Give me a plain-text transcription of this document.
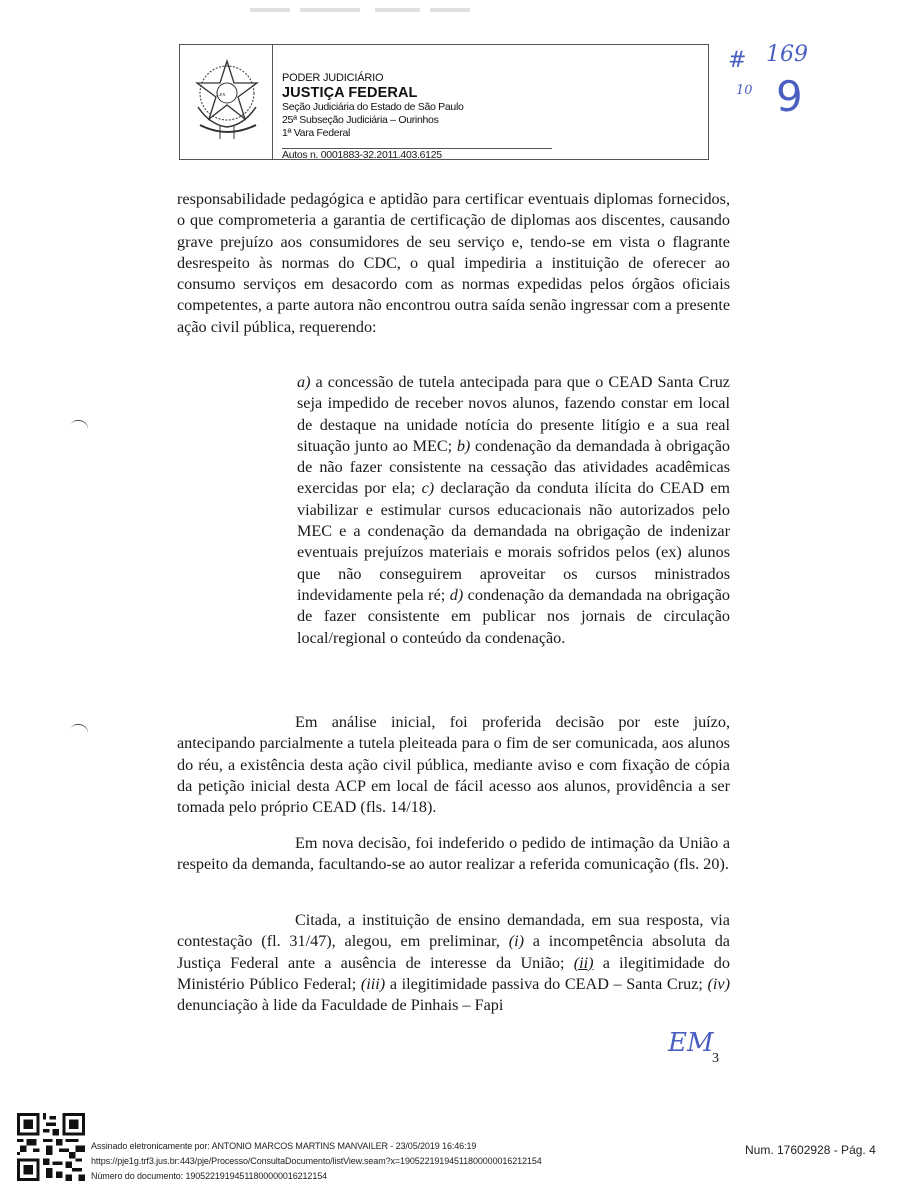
Lex
PODER JUDICIÁRIO
JUSTIÇA FEDERAL
Seção Judiciária do Estado de São Paulo
25ª Subseção Judiciária – Ourinhos
1ª Vara Federal
Autos n. 0001883-32.2011.403.6125
# 169
10 9
responsabilidade pedagógica e aptidão para certificar eventuais diplomas fornecidos, o que comprometeria a garantia de certificação de diplomas aos discentes, causando grave prejuízo aos consumidores de seu serviço e, tendo-se em vista o flagrante desrespeito às normas do CDC, o qual impediria a instituição de oferecer ao consumo serviços em desacordo com as normas expedidas pelos órgãos oficiais competentes, a parte autora não encontrou outra saída senão ingressar com a presente ação civil pública, requerendo:
a) a concessão de tutela antecipada para que o CEAD Santa Cruz seja impedido de receber novos alunos, fazendo constar em local de destaque na unidade notícia do presente litígio e a sua real situação junto ao MEC; b) condenação da demandada à obrigação de não fazer consistente na cessação das atividades acadêmicas exercidas por ela; c) declaração da conduta ilícita do CEAD em viabilizar e estimular cursos educacionais não autorizados pelo MEC e a condenação da demandada na obrigação de indenizar eventuais prejuízos materiais e morais sofridos pelos (ex) alunos que não conseguirem aproveitar os cursos ministrados indevidamente pela ré; d) condenação da demandada na obrigação de fazer consistente em publicar nos jornais de circulação local/regional o conteúdo da condenação.
Em análise inicial, foi proferida decisão por este juízo, antecipando parcialmente a tutela pleiteada para o fim de ser comunicada, aos alunos do réu, a existência desta ação civil pública, mediante aviso e com fixação de cópia da petição inicial desta ACP em local de fácil acesso aos alunos, providência a ser tomada pelo próprio CEAD (fls. 14/18).
Em nova decisão, foi indeferido o pedido de intimação da União a respeito da demanda, facultando-se ao autor realizar a referida comunicação (fls. 20).
Citada, a instituição de ensino demandada, em sua resposta, via contestação (fl. 31/47), alegou, em preliminar, (i) a incompetência absoluta da Justiça Federal ante a ausência de interesse da União; (ii) a ilegitimidade do Ministério Público Federal; (iii) a ilegitimidade passiva do CEAD – Santa Cruz; (iv) denunciação à lide da Faculdade de Pinhais – Fapi
EM
3
Assinado eletronicamente por: ANTONIO MARCOS MARTINS MANVAILER - 23/05/2019 16:46:19
https://pje1g.trf3.jus.br:443/pje/Processo/ConsultaDocumento/listView.seam?x=19052219194511800000016212154
Número do documento: 19052219194511800000016212154
Num. 17602928 - Pág. 4
